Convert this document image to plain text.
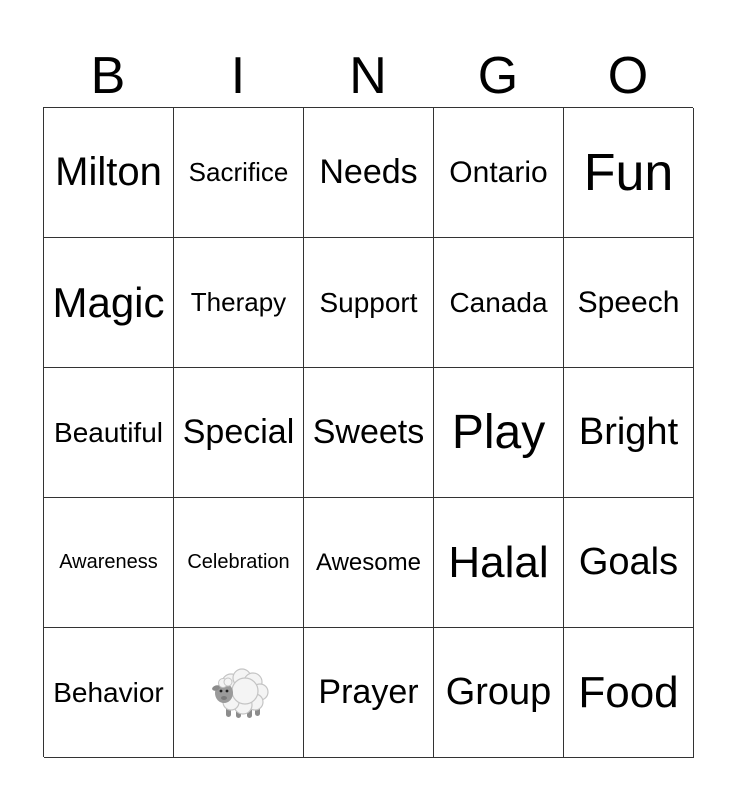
B	I	N	G	O
Milton Sacrifice Needs Ontario Fun
Magic Therapy Support Canada Speech
Beautiful Special Sweets Play Bright
Awareness Celebration Awesome Halal Goals
Behavior	Prayer Group Food
